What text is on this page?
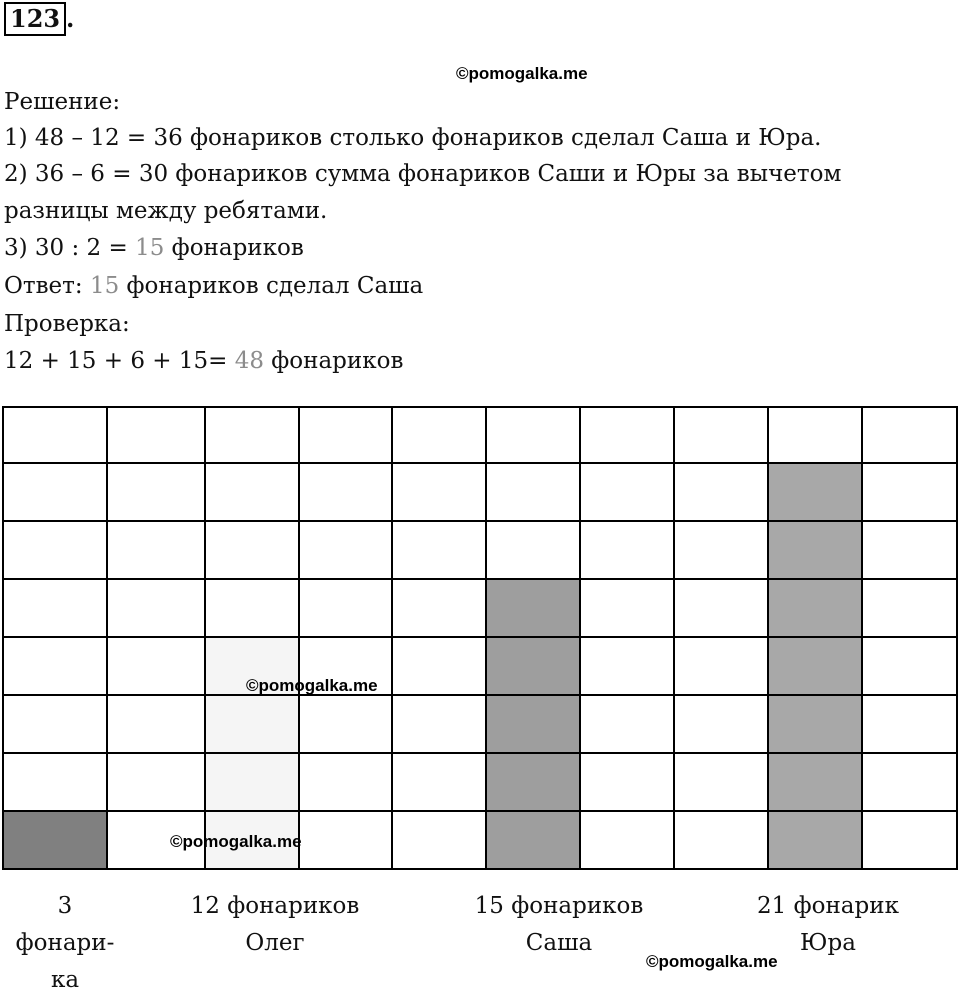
123 .
©pomogalka.me
Решение:
1) 48 – 12 = 36 фонариков столько фонариков сделал Саша и Юра.
2) 36 – 6 = 30 фонариков сумма фонариков Саши и Юры за вычетом
разницы между ребятами.
3) 30 : 2 = 15 фонариков
Ответ: 15 фонариков сделал Саша
Проверка:
12 + 15 + 6 + 15= 48 фонариков
©pomogalka.me
©pomogalka.me
3
фонари-
ка
12 фонариков
Олег
15 фонариков
Саша
21 фонарик
Юра
©pomogalka.me
